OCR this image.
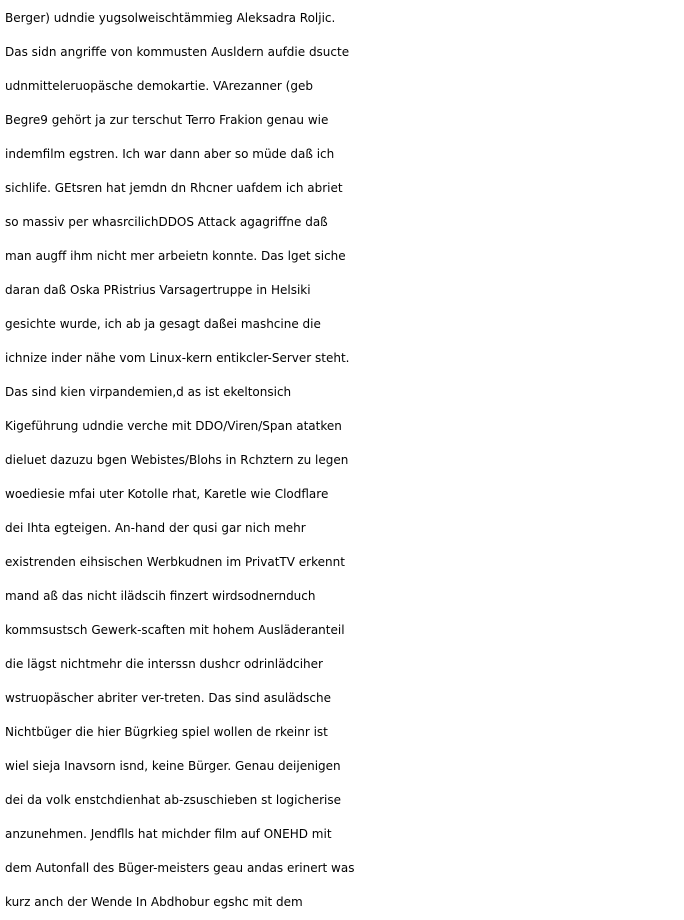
Berger) udndie yugsolweischtämmieg Aleksadra Roljic.
Das sidn angriffe von kommusten Ausldern aufdie dsucte
udnmitteleruopäsche demokartie. VArezanner (geb
Begre9 gehört ja zur terschut Terro Frakion genau wie
indemfilm egstren. Ich war dann aber so müde daß ich
sichlife. GEtsren hat jemdn dn Rhcner uafdem ich abriet
so massiv per whasrcilichDDOS Attack agagriffne daß
man augff ihm nicht mer arbeietn konnte. Das lget siche
daran daß Oska PRistrius Varsagertruppe in Helsiki
gesichte wurde, ich ab ja gesagt daßei mashcine die
ichnize inder nähe vom Linux-kern entikcler-Server steht.
Das sind kien virpandemien,d as ist ekeltonsich
Kigeführung udndie verche mit DDO/Viren/Span atatken
dieluet dazuzu bgen Webistes/Blohs in Rchztern zu legen
woediesie mfai uter Kotolle rhat, Karetle wie Clodflare
dei Ihta egteigen. An-hand der qusi gar nich mehr
existrenden eihsischen Werbkudnen im PrivatTV erkennt
mand aß das nicht ilädscih finzert wirdsodnernduch
kommsustsch Gewerk-scaften mit hohem Ausläderanteil
die lägst nichtmehr die interssn dushcr odrinlädciher
wstruopäscher abriter ver-treten. Das sind asulädsche
Nichtbüger die hier Bügrkieg spiel wollen de rkeinr ist
wiel sieja Inavsorn isnd, keine Bürger. Genau deijenigen
dei da volk enstchdienhat ab-zsuschieben st logicherise
anzunehmen. Jendflls hat michder film auf ONEHD mit
dem Autonfall des Büger-meisters geau andas erinert was
kurz anch der Wende In Abdhobur egshc mit dem
